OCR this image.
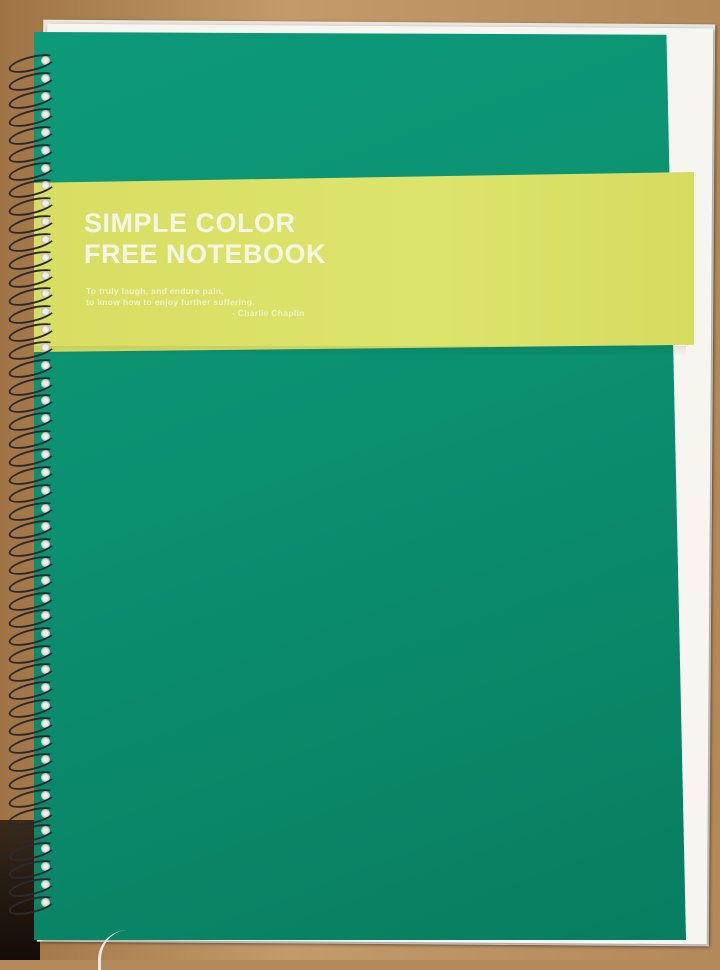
SIMPLE COLOR
FREE NOTEBOOK
To truly laugh, and endure pain,
to know how to enjoy further suffering.
- Charlie Chaplin
